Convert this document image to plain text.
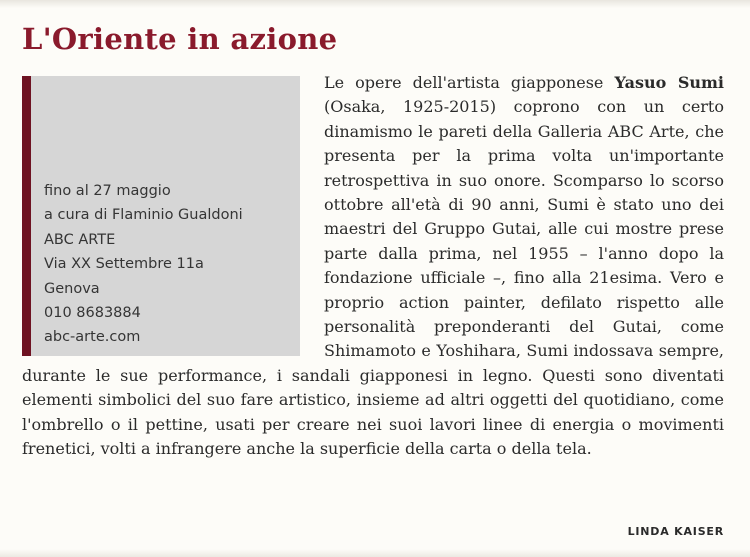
L'Oriente in azione
fino al 27 maggio
a cura di Flaminio Gualdoni
ABC ARTE
Via XX Settembre 11a
Genova
010 8683884
abc-arte.com

Le opere dell'artista giapponese Yasuo Sumi (Osaka, 1925-2015) coprono con un certo dinamismo le pareti della Galleria ABC Arte, che presenta per la prima volta un'importante retrospettiva in suo onore. Scomparso lo scorso ottobre all'età di 90 anni, Sumi è stato uno dei maestri del Gruppo Gutai, alle cui mostre prese parte dalla prima, nel 1955 – l'anno dopo la fondazione ufficiale –, fino alla 21esima. Vero e proprio action painter, defilato rispetto alle personalità preponderanti del Gutai, come Shimamoto e Yoshihara, Sumi indossava sempre, durante le sue performance, i sandali giapponesi in legno. Questi sono diventati elementi simbolici del suo fare artistico, insieme ad altri oggetti del quotidiano, come l'ombrello o il pettine, usati per creare nei suoi lavori linee di energia o movimenti frenetici, volti a infrangere anche la superficie della carta o della tela.

LINDA KAISER
